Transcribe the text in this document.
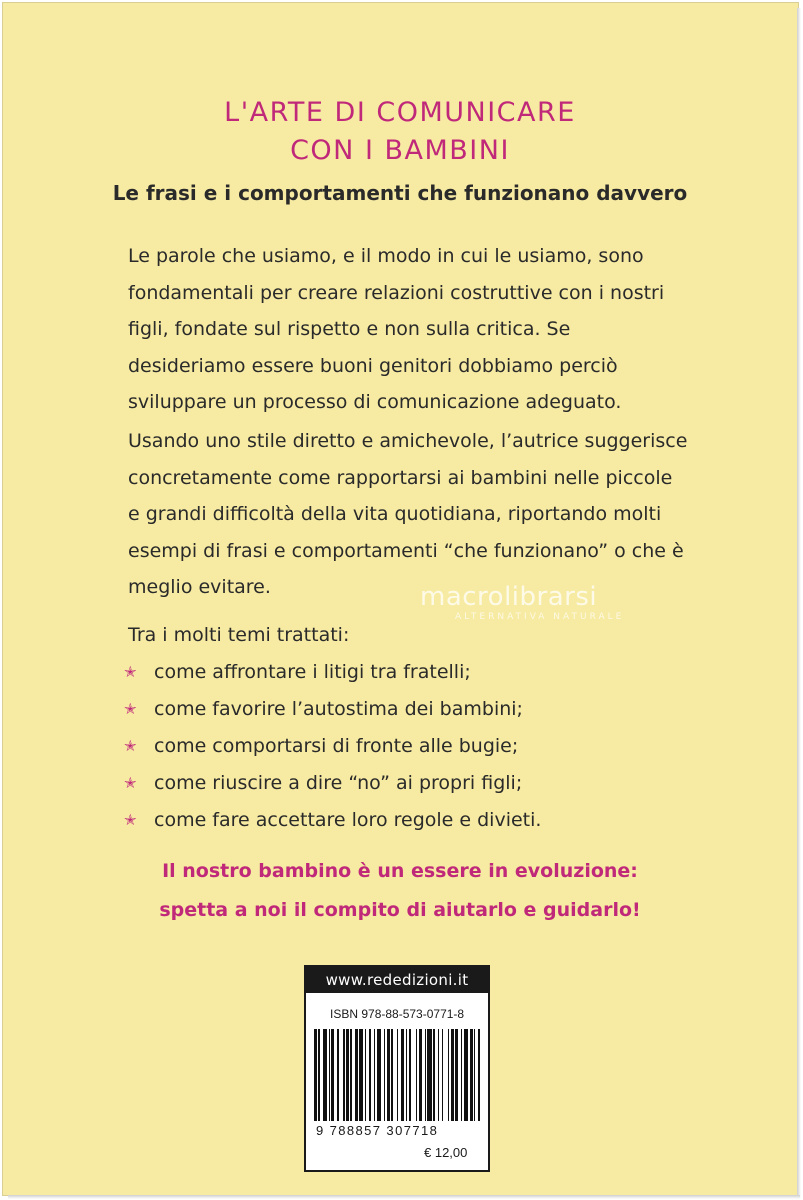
L'ARTE DI COMUNICARE
CON I BAMBINI
Le frasi e i comportamenti che funzionano davvero

Le parole che usiamo, e il modo in cui le usiamo, sono fondamentali per creare relazioni costruttive con i nostri figli, fondate sul rispetto e non sulla critica. Se desideriamo essere buoni genitori dobbiamo perciò sviluppare un processo di comunicazione adeguato.

Usando uno stile diretto e amichevole, l’autrice suggerisce concretamente come rapportarsi ai bambini nelle piccole e grandi difficoltà della vita quotidiana, riportando molti esempi di frasi e comportamenti “che funzionano” o che è meglio evitare.

Tra i molti temi trattati:

✭ come affrontare i litigi tra fratelli;
✭ come favorire l’autostima dei bambini;
✭ come comportarsi di fronte alle bugie;
✭ come riuscire a dire “no” ai propri figli;
✭ come fare accettare loro regole e divieti.
Il nostro bambino è un essere in evoluzione:
spetta a noi il compito di aiutarlo e guidarlo!
macrolibrarsi
ALTERNATIVA NATURALE
www.rededizioni.it
ISBN 978-88-573-0771-8
9 788857 307718
€ 12,00
